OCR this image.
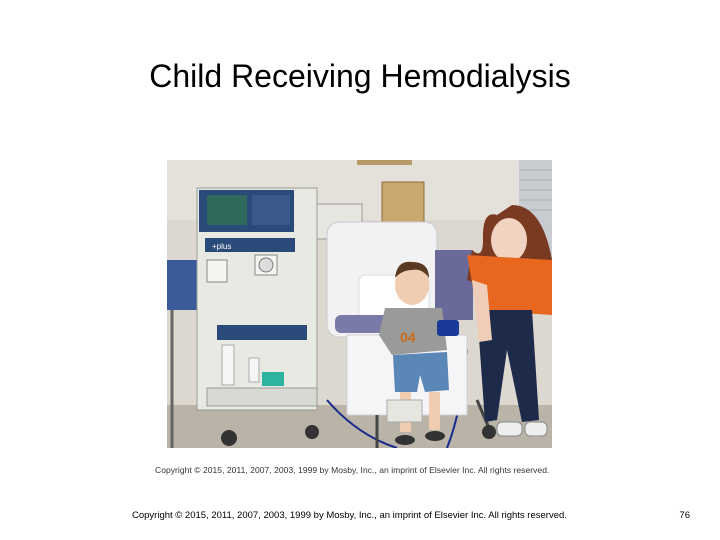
Child Receiving Hemodialysis
+plus
04
Copyright © 2015, 2011, 2007, 2003, 1999 by Mosby, Inc., an imprint of Elsevier Inc. All rights reserved.
Copyright © 2015, 2011, 2007, 2003, 1999 by Mosby, Inc., an imprint of Elsevier Inc. All rights reserved.	76
